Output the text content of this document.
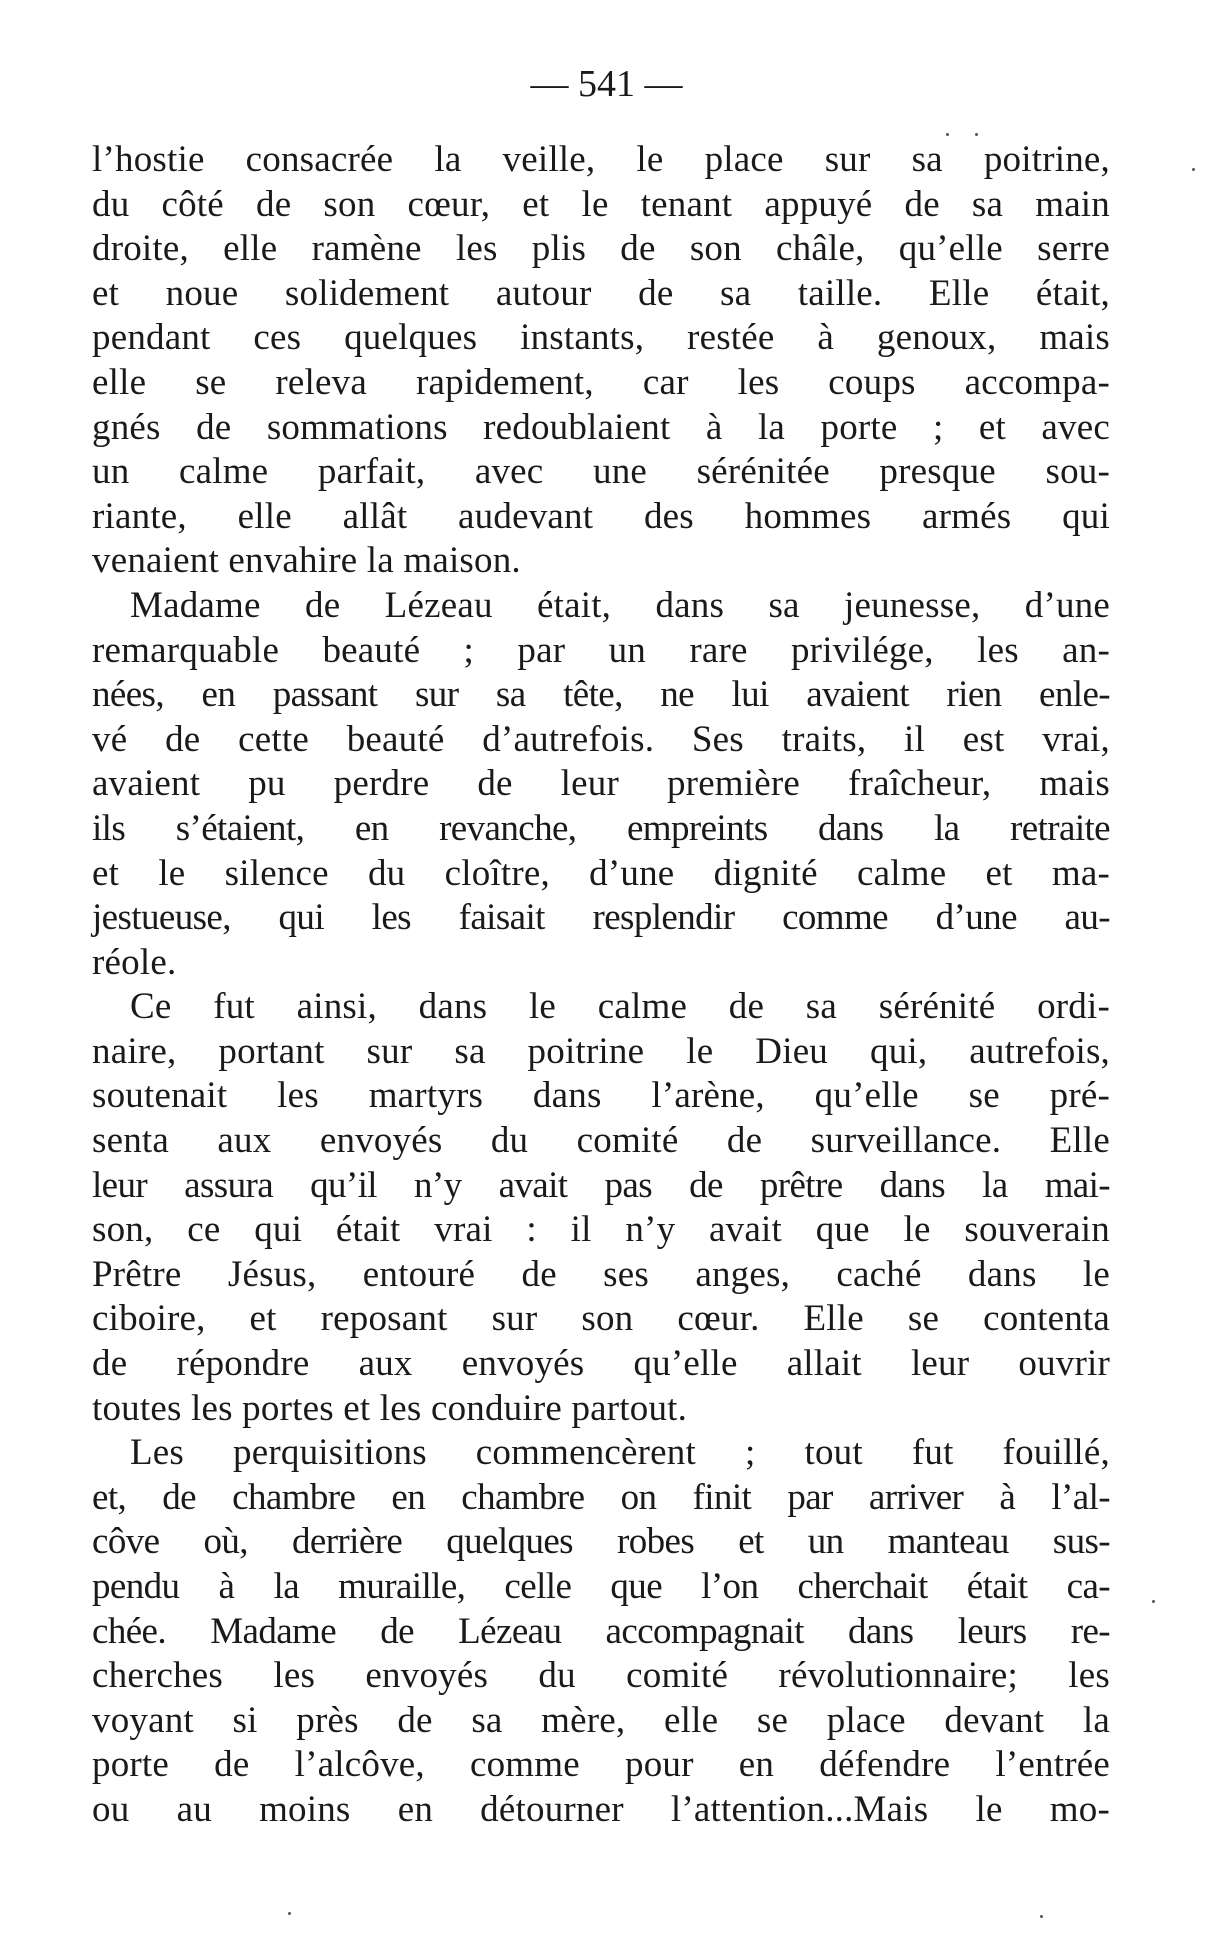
— 541 —
l’hostie consacrée la veille, le place sur sa poitrine,
du côté de son cœur, et le tenant appuyé de sa main
droite, elle ramène les plis de son châle, qu’elle serre
et noue solidement autour de sa taille. Elle était,
pendant ces quelques instants, restée à genoux, mais
elle se releva rapidement, car les coups accompa-
gnés de sommations redoublaient à la porte ; et avec
un calme parfait, avec une sérénitée presque sou-
riante, elle allât audevant des hommes armés qui
venaient envahire la maison.
Madame de Lézeau était, dans sa jeunesse, d’une
remarquable beauté ; par un rare privilége, les an-
nées, en passant sur sa tête, ne lui avaient rien enle-
vé de cette beauté d’autrefois. Ses traits, il est vrai,
avaient pu perdre de leur première fraîcheur, mais
ils s’étaient, en revanche, empreints dans la retraite
et le silence du cloître, d’une dignité calme et ma-
jestueuse, qui les faisait resplendir comme d’une au-
réole.
Ce fut ainsi, dans le calme de sa sérénité ordi-
naire, portant sur sa poitrine le Dieu qui, autrefois,
soutenait les martyrs dans l’arène, qu’elle se pré-
senta aux envoyés du comité de surveillance. Elle
leur assura qu’il n’y avait pas de prêtre dans la mai-
son, ce qui était vrai : il n’y avait que le souverain
Prêtre Jésus, entouré de ses anges, caché dans le
ciboire, et reposant sur son cœur. Elle se contenta
de répondre aux envoyés qu’elle allait leur ouvrir
toutes les portes et les conduire partout.
Les perquisitions commencèrent ; tout fut fouillé,
et, de chambre en chambre on finit par arriver à l’al-
côve où, derrière quelques robes et un manteau sus-
pendu à la muraille, celle que l’on cherchait était ca-
chée. Madame de Lézeau accompagnait dans leurs re-
cherches les envoyés du comité révolutionnaire; les
voyant si près de sa mère, elle se place devant la
porte de l’alcôve, comme pour en défendre l’entrée
ou au moins en détourner l’attention...Mais le mo-
